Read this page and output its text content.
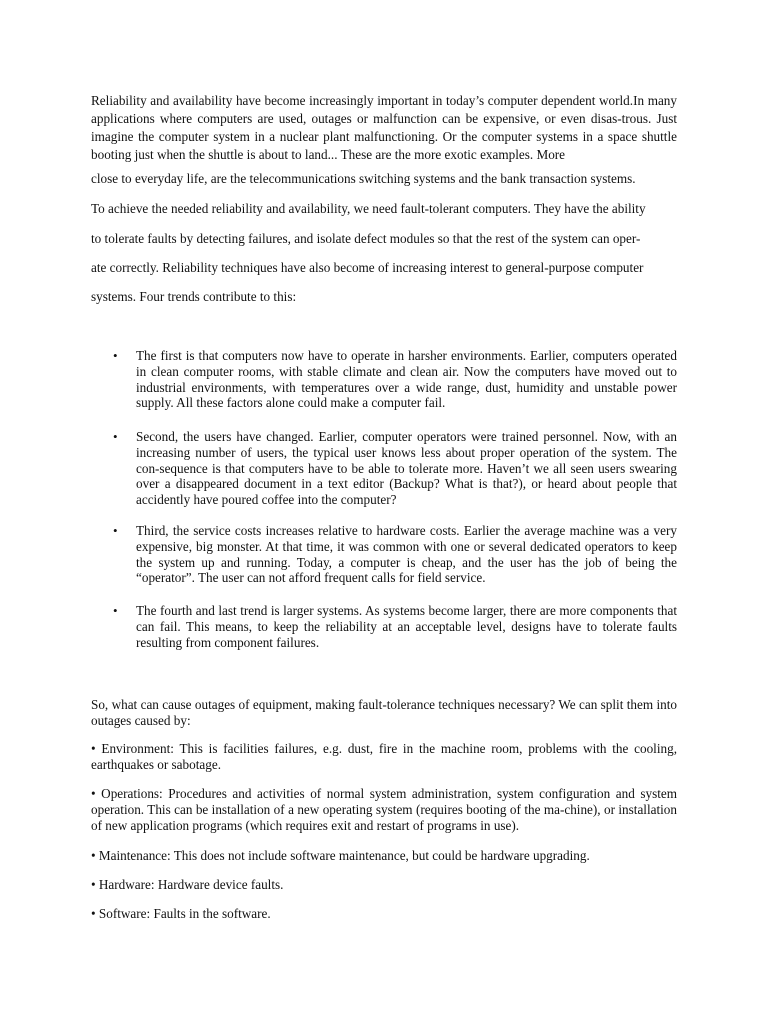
Reliability and availability have become increasingly important in today’s computer dependent world.In many applications where computers are used, outages or malfunction can be expensive, or even disas-trous. Just imagine the computer system in a nuclear plant malfunctioning. Or the computer systems in a space shuttle booting just when the shuttle is about to land... These are the more exotic examples. More

close to everyday life, are the telecommunications switching systems and the bank transaction systems.

To achieve the needed reliability and availability, we need fault-tolerant computers. They have the ability

to tolerate faults by detecting failures, and isolate defect modules so that the rest of the system can oper-

ate correctly. Reliability techniques have also become of increasing interest to general-purpose computer

systems. Four trends contribute to this:

• The first is that computers now have to operate in harsher environments. Earlier, computers operated in clean computer rooms, with stable climate and clean air. Now the computers have moved out to industrial environments, with temperatures over a wide range, dust, humidity and unstable power supply. All these factors alone could make a computer fail.
• Second, the users have changed. Earlier, computer operators were trained personnel. Now, with an increasing number of users, the typical user knows less about proper operation of the system. The con-sequence is that computers have to be able to tolerate more. Haven’t we all seen users swearing over a disappeared document in a text editor (Backup? What is that?), or heard about people that accidently have poured coffee into the computer?
• Third, the service costs increases relative to hardware costs. Earlier the average machine was a very expensive, big monster. At that time, it was common with one or several dedicated operators to keep the system up and running. Today, a computer is cheap, and the user has the job of being the “operator”. The user can not afford frequent calls for field service.
• The fourth and last trend is larger systems. As systems become larger, there are more components that can fail. This means, to keep the reliability at an acceptable level, designs have to tolerate faults resulting from component failures.

So, what can cause outages of equipment, making fault-tolerance techniques necessary? We can split them into outages caused by:

• Environment: This is facilities failures, e.g. dust, fire in the machine room, problems with the cooling, earthquakes or sabotage.

• Operations: Procedures and activities of normal system administration, system configuration and system operation. This can be installation of a new operating system (requires booting of the ma-chine), or installation of new application programs (which requires exit and restart of programs in use).

• Maintenance: This does not include software maintenance, but could be hardware upgrading.

• Hardware: Hardware device faults.

• Software: Faults in the software.
